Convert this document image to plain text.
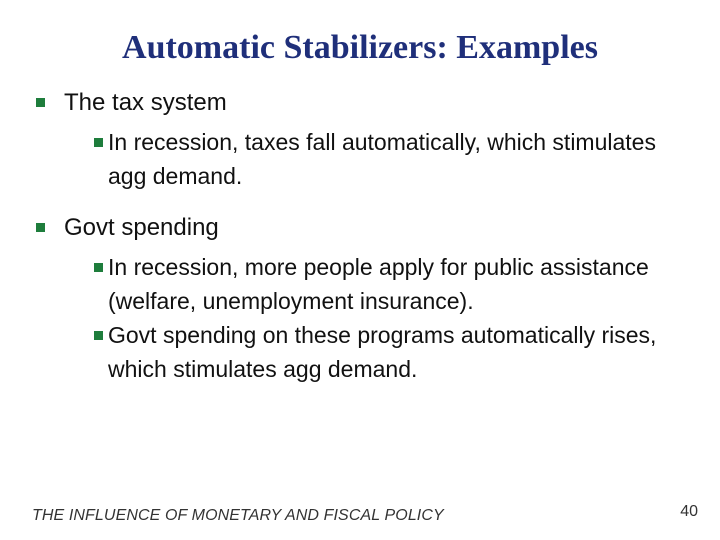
Automatic Stabilizers: Examples
The tax system
In recession, taxes fall automatically, which stimulates agg demand.
Govt spending
In recession, more people apply for public assistance (welfare, unemployment insurance).
Govt spending on these programs automatically rises, which stimulates agg demand.
THE INFLUENCE OF MONETARY AND FISCAL POLICY	40
